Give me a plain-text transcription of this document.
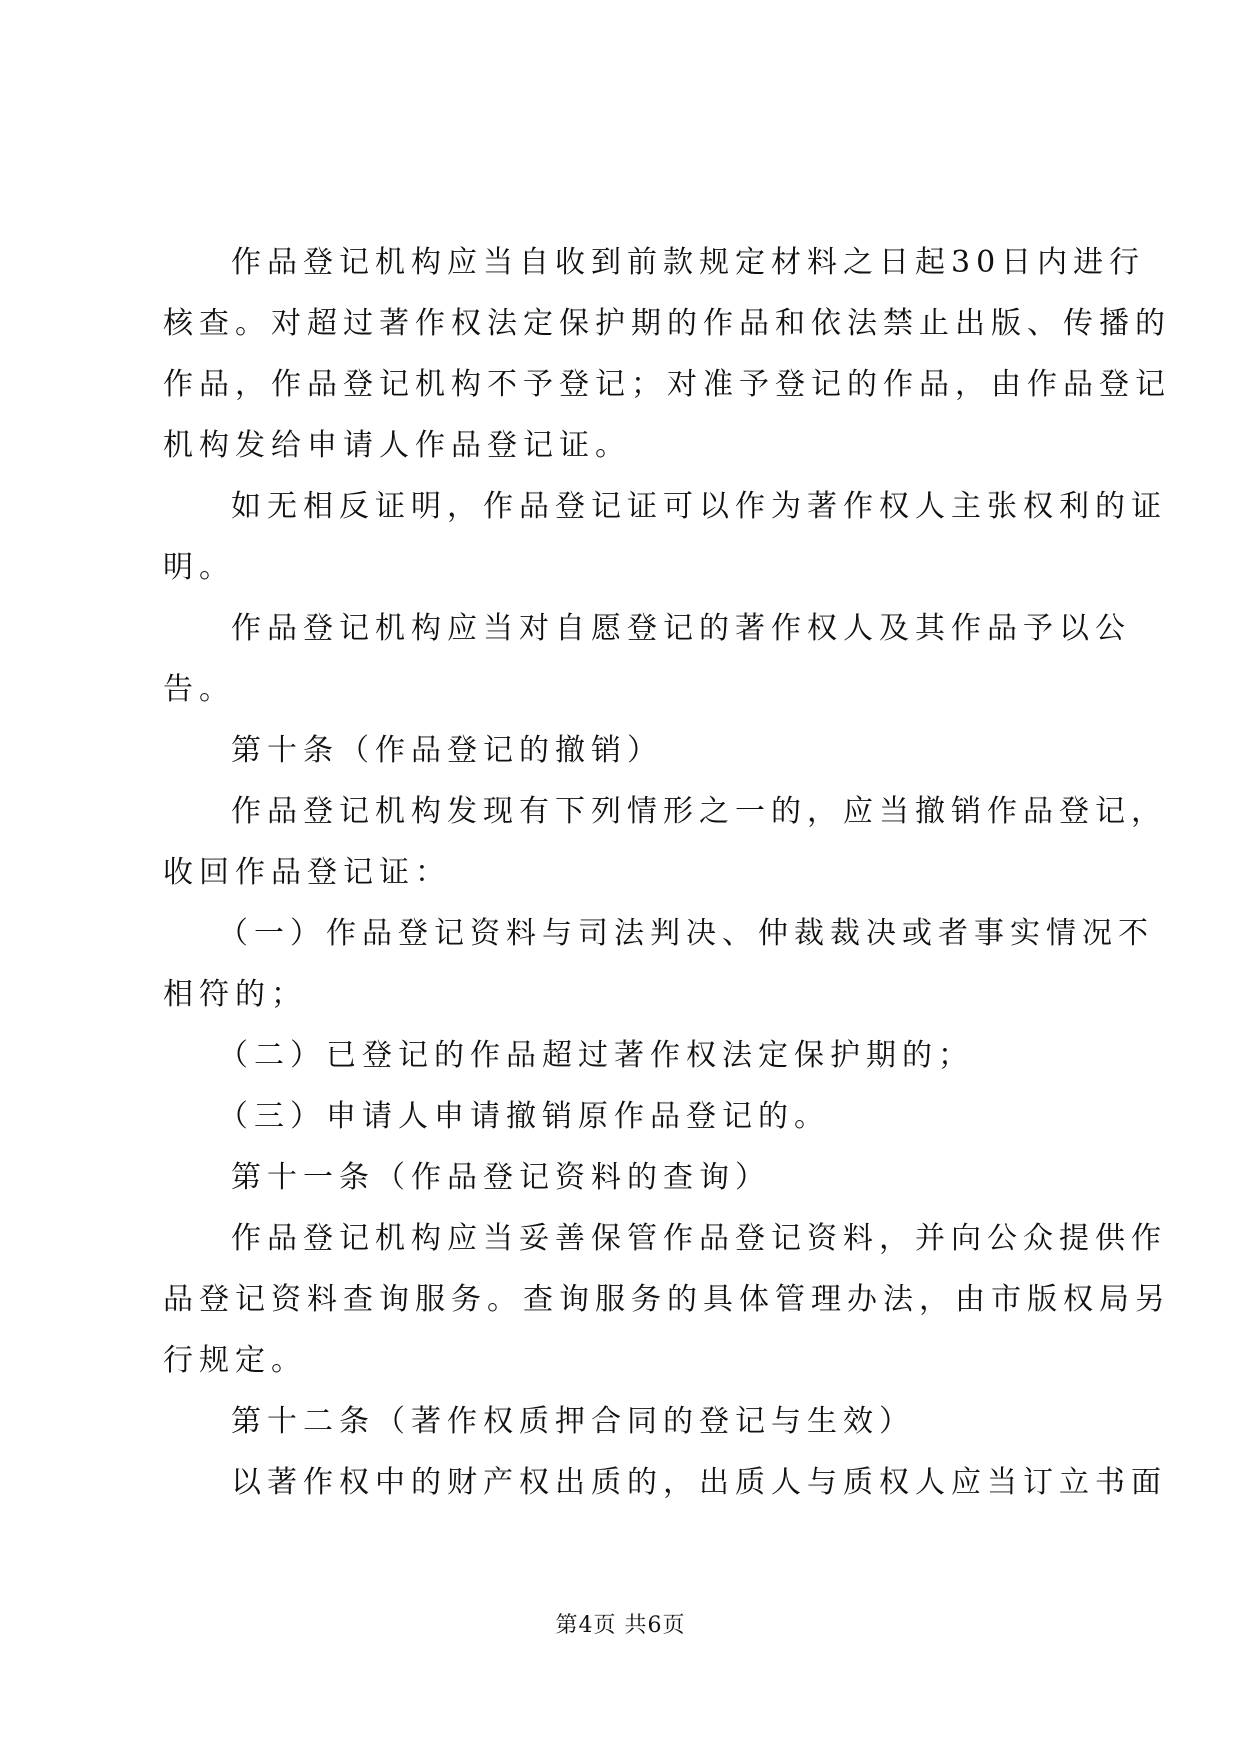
作品登记机构应当自收到前款规定材料之日起30日内进行
核查。对超过著作权法定保护期的作品和依法禁止出版、传播的
作品，作品登记机构不予登记；对准予登记的作品，由作品登记
机构发给申请人作品登记证。
如无相反证明，作品登记证可以作为著作权人主张权利的证
明。
作品登记机构应当对自愿登记的著作权人及其作品予以公
告。
第十条（作品登记的撤销）
作品登记机构发现有下列情形之一的，应当撤销作品登记，
收回作品登记证：
（一）作品登记资料与司法判决、仲裁裁决或者事实情况不
相符的；
（二）已登记的作品超过著作权法定保护期的；
（三）申请人申请撤销原作品登记的。
第十一条（作品登记资料的查询）
作品登记机构应当妥善保管作品登记资料，并向公众提供作
品登记资料查询服务。查询服务的具体管理办法，由市版权局另
行规定。
第十二条（著作权质押合同的登记与生效）
以著作权中的财产权出质的，出质人与质权人应当订立书面
第4页 共6页
